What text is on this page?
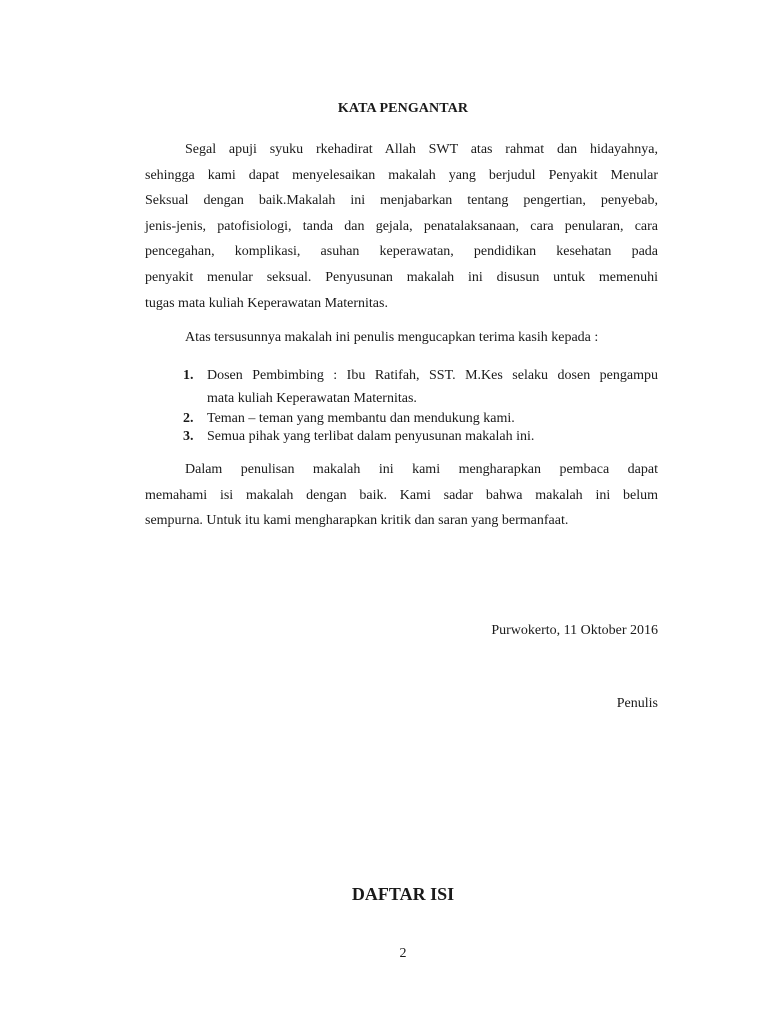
KATA PENGANTAR
Segal apuji syuku rkehadirat Allah SWT atas rahmat dan hidayahnya,
sehingga kami dapat menyelesaikan makalah yang berjudul Penyakit Menular
Seksual dengan baik.Makalah ini menjabarkan tentang pengertian, penyebab,
jenis-jenis, patofisiologi, tanda dan gejala, penatalaksanaan, cara penularan, cara
pencegahan, komplikasi, asuhan keperawatan, pendidikan kesehatan pada
penyakit menular seksual. Penyusunan makalah ini disusun untuk memenuhi
tugas mata kuliah Keperawatan Maternitas.
Atas tersusunnya makalah ini penulis mengucapkan terima kasih kepada :
1. Dosen Pembimbing : Ibu Ratifah, SST. M.Kes selaku dosen pengampu
mata kuliah Keperawatan Maternitas.
2. Teman – teman yang membantu dan mendukung kami.
3. Semua pihak yang terlibat dalam penyusunan makalah ini.
Dalam penulisan makalah ini kami mengharapkan pembaca dapat
memahami isi makalah dengan baik. Kami sadar bahwa makalah ini belum
sempurna. Untuk itu kami mengharapkan kritik dan saran yang bermanfaat.
Purwokerto, 11 Oktober 2016
Penulis
DAFTAR ISI
2
